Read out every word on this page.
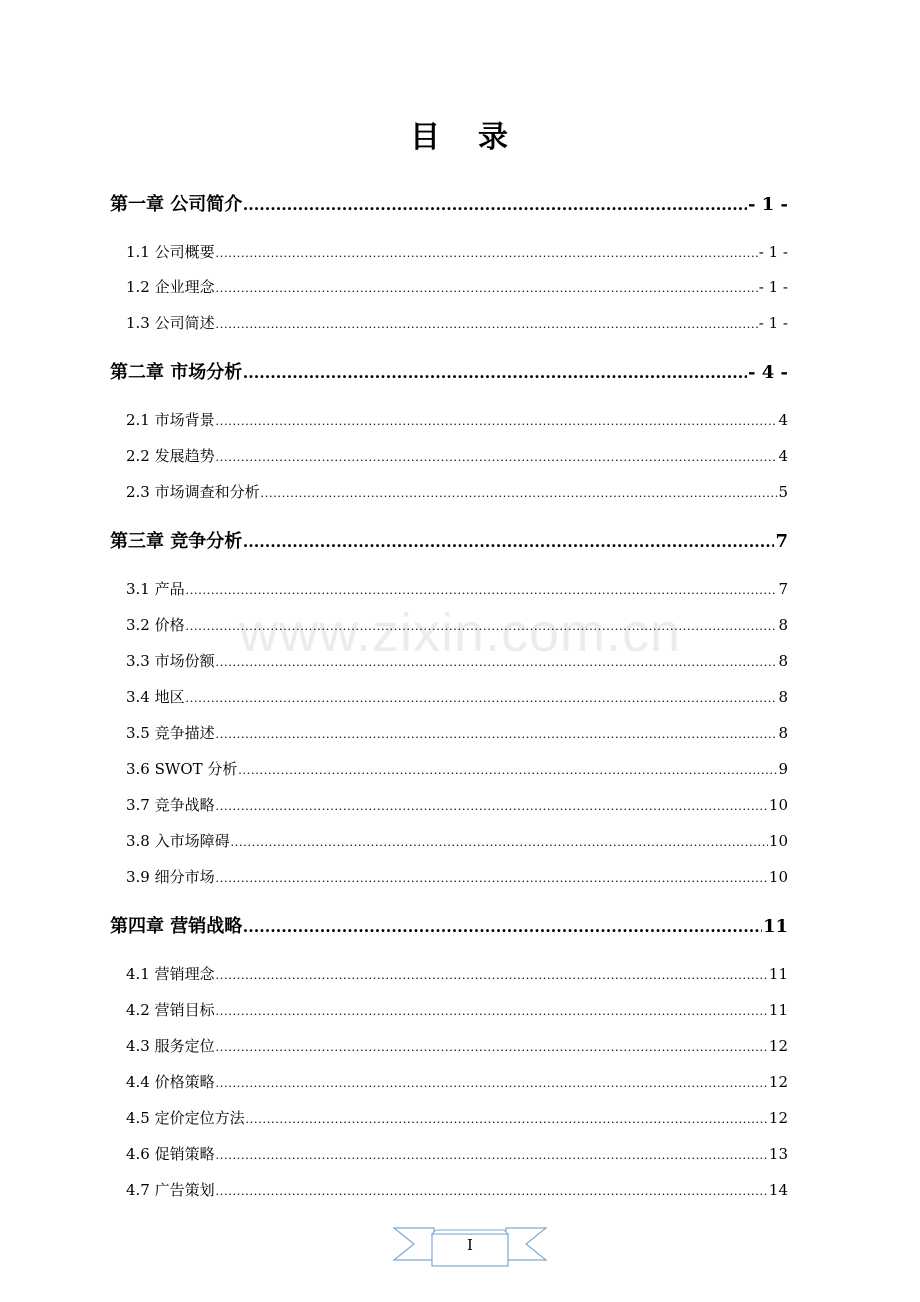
目 录
www.zixin.com.cn
第一章 公司简介 .....	- 1 -
1.1 公司概要 .....	- 1 -
1.2 企业理念 .....	- 1 -
1.3 公司简述 .....	- 1 -
第二章 市场分析 .....	- 4 -
2.1 市场背景 .....	4
2.2 发展趋势 .....	4
2.3 市场调查和分析 .....	5
第三章 竞争分析 .....	7
3.1 产品 .....	7
3.2 价格 .....	8
3.3 市场份额 .....	8
3.4 地区 .....	8
3.5 竞争描述 .....	8
3.6 SWOT 分析 .....	9
3.7 竞争战略 .....	10
3.8 入市场障碍 .....	10
3.9 细分市场 .....	10
第四章 营销战略 .....	11
4.1 营销理念 .....	11
4.2 营销目标 .....	11
4.3 服务定位 .....	12
4.4 价格策略 .....	12
4.5 定价定位方法 .....	12
4.6 促销策略 .....	13
4.7 广告策划 .....	14
I
